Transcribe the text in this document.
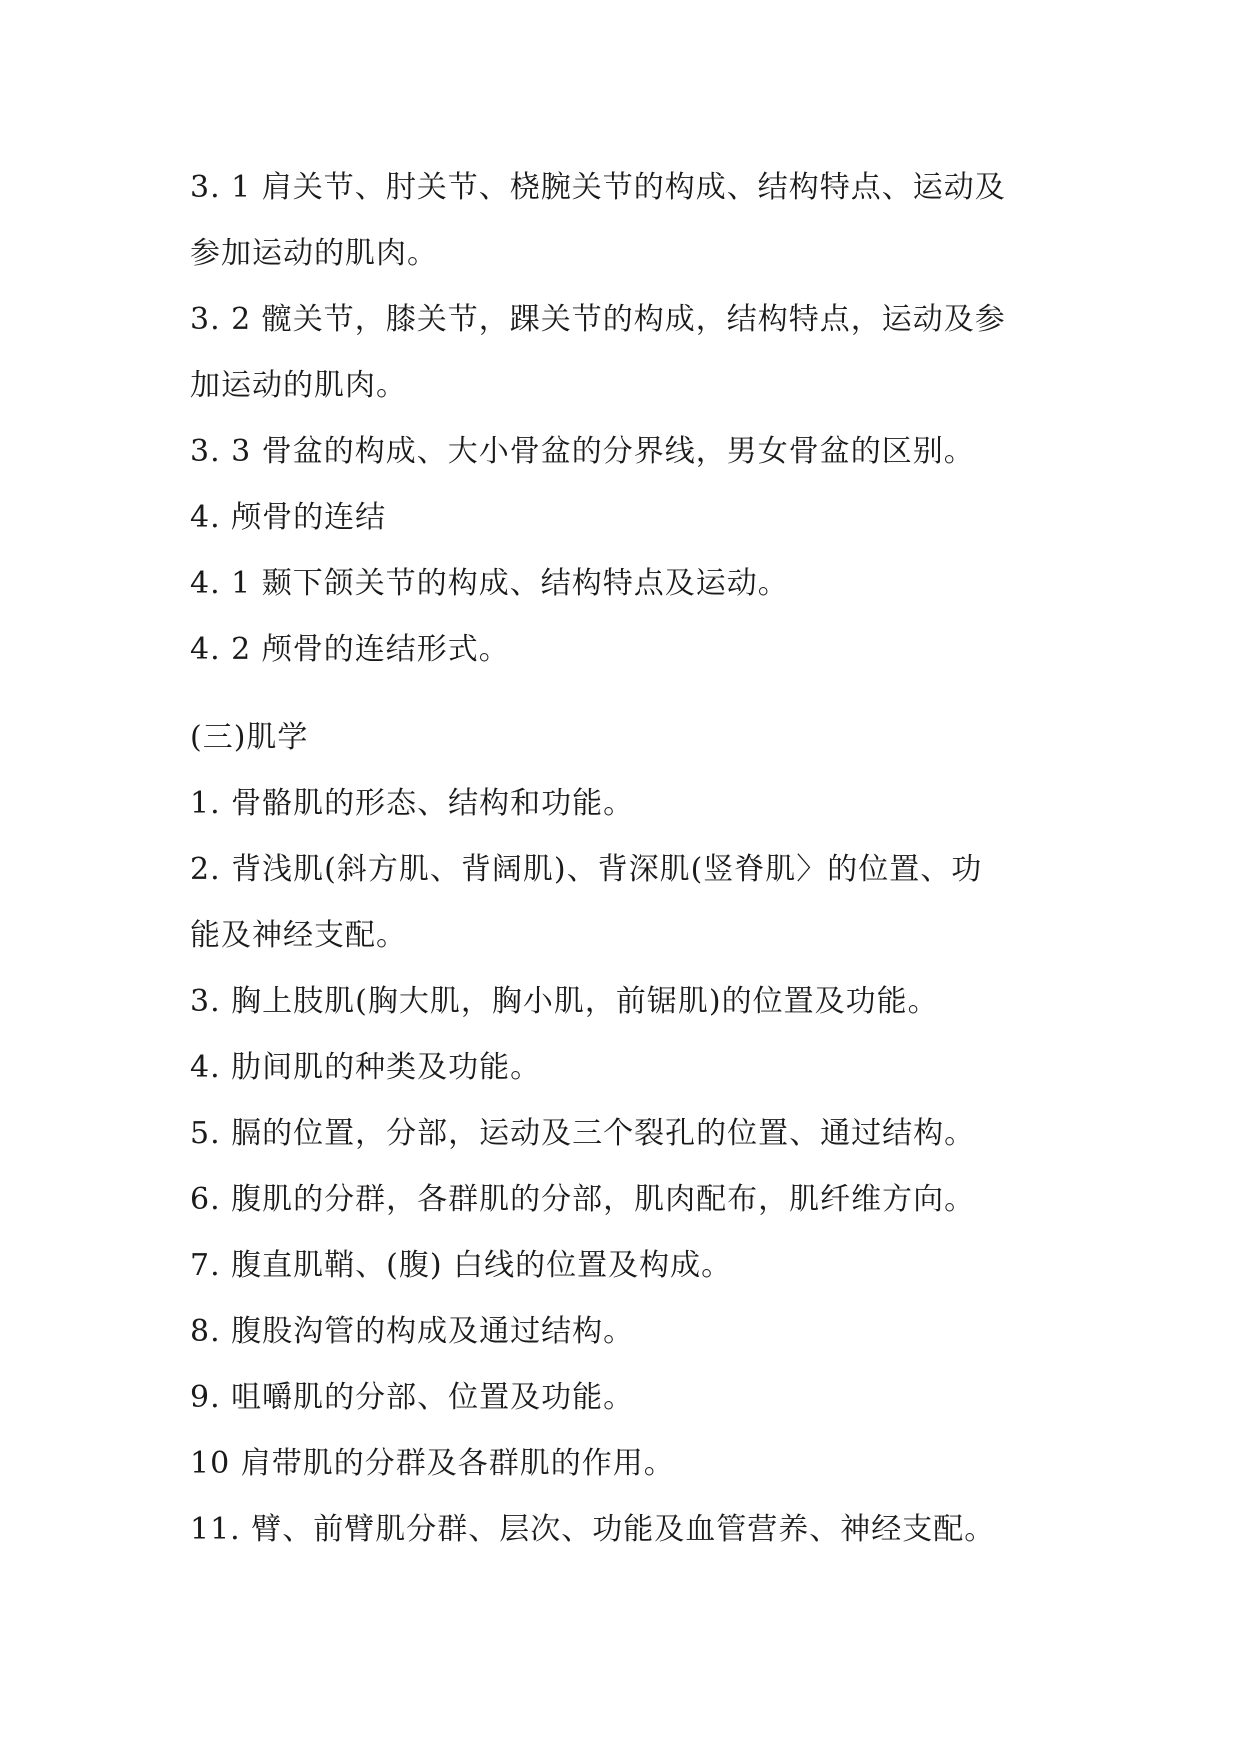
3. 1 肩关节、肘关节、桡腕关节的构成、结构特点、运动及
参加运动的肌肉。
3. 2 髋关节，膝关节，踝关节的构成，结构特点，运动及参
加运动的肌肉。
3. 3 骨盆的构成、大小骨盆的分界线，男女骨盆的区别。
4. 颅骨的连结
4. 1 颞下颌关节的构成、结构特点及运动。
4. 2 颅骨的连结形式。
(三)肌学
1. 骨骼肌的形态、结构和功能。
2. 背浅肌(斜方肌、背阔肌)、背深肌(竖脊肌〉的位置、功
能及神经支配。
3. 胸上肢肌(胸大肌，胸小肌，前锯肌)的位置及功能。
4. 肋间肌的种类及功能。
5. 膈的位置，分部，运动及三个裂孔的位置、通过结构。
6. 腹肌的分群，各群肌的分部，肌肉配布，肌纤维方向。
7. 腹直肌鞘、(腹) 白线的位置及构成。
8. 腹股沟管的构成及通过结构。
9. 咀嚼肌的分部、位置及功能。
10 肩带肌的分群及各群肌的作用。
11. 臂、前臂肌分群、层次、功能及血管营养、神经支配。
